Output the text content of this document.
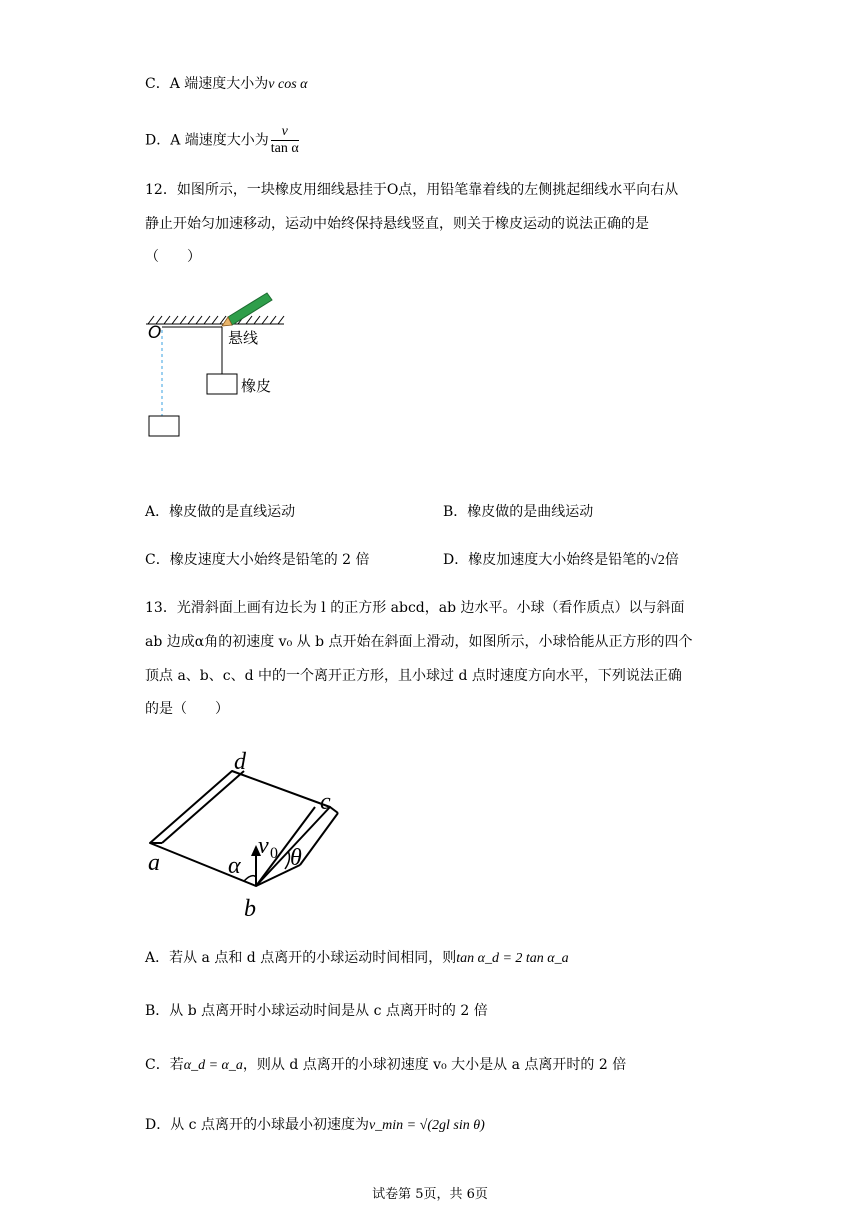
C．A 端速度大小为v cos α
D．A 端速度大小为 $\frac{v}{\text{tan α}}$
12．如图所示，一块橡皮用细线悬挂于O点，用铅笔靠着线的左侧挑起细线水平向右从
静止开始匀加速移动，运动中始终保持悬线竖直，则关于橡皮运动的说法正确的是
（　　）
O	悬线
橡皮
A．橡皮做的是直线运动	B．橡皮做的是曲线运动
C．橡皮速度大小始终是铅笔的 2 倍	D．橡皮加速度大小始终是铅笔的√2倍
13．光滑斜面上画有边长为 l 的正方形 abcd，ab 边水平。小球（看作质点）以与斜面
ab 边成α角的初速度 v₀ 从 b 点开始在斜面上滑动，如图所示，小球恰能从正方形的四个
顶点 a、b、c、d 中的一个离开正方形，且小球过 d 点时速度方向水平，下列说法正确
的是（　　）
a
b
c
d
α
v 0 θ
A．若从 a 点和 d 点离开的小球运动时间相同，则tan α_d = 2 tan α_a
B．从 b 点离开时小球运动时间是从 c 点离开时的 2 倍
C．若α_d = α_a，则从 d 点离开的小球初速度 v₀ 大小是从 a 点离开时的 2 倍
D．从 c 点离开的小球最小初速度为v_min = √(2gl sin θ)
试卷第 5页，共 6页
